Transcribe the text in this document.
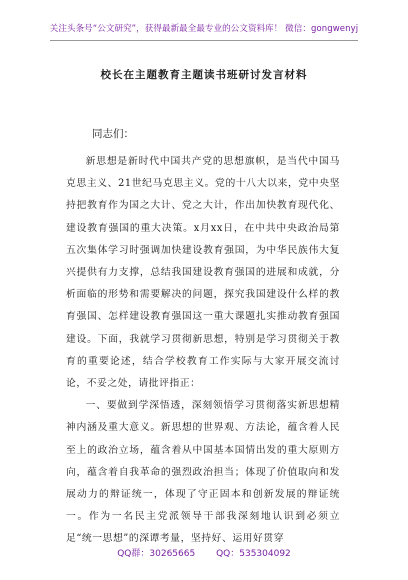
关注头条号“公文研究”，获得最新最全最专业的公文资料库！ 微信：gongwenyj
校长在主题教育主题读书班研讨发言材料
同志们：

新思想是新时代中国共产党的思想旗帜，是当代中国马克思主义、21世纪马克思主义。党的十八大以来，党中央坚持把教育作为国之大计、党之大计，作出加快教育现代化、建设教育强国的重大决策。x月xx日，在中共中央政治局第五次集体学习时强调加快建设教育强国，为中华民族伟大复兴提供有力支撑，总结我国建设教育强国的进展和成就，分析面临的形势和需要解决的问题，探究我国建设什么样的教育强国、怎样建设教育强国这一重大课题扎实推动教育强国建设。下面，我就学习贯彻新思想，特别是学习贯彻关于教育的重要论述，结合学校教育工作实际与大家开展交流讨论，不妥之处，请批评指正：

一、要做到学深悟透，深刻领悟学习贯彻落实新思想精神内涵及重大意义。新思想的世界观、方法论，蕴含着人民至上的政治立场，蕴含着从中国基本国情出发的重大原则方向，蕴含着自我革命的强烈政治担当；体现了价值取向和发展动力的辩证统一，体现了守正固本和创新发展的辩证统一。作为一名民主党派领导干部我深刻地认识到必须立足“统一思想”的深谭考量，坚持好、运用好贯穿

QQ群：30265665 QQ：535304092
